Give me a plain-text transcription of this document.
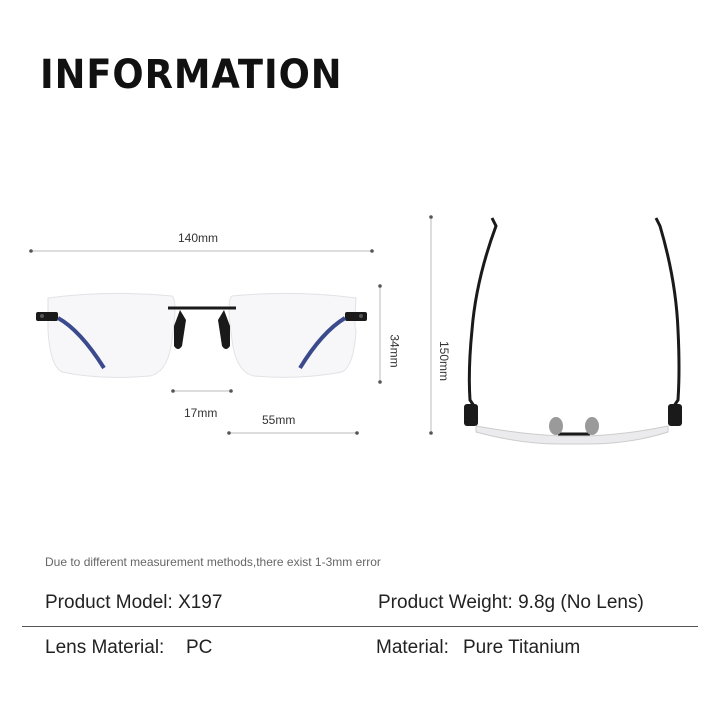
INFORMATION
140mm
34mm	150mm
17mm	55mm
Due to different measurement methods,there exist 1-3mm error
Product Model: X197	Product Weight: 9.8g (No Lens)
Lens Material: PC	Material: Pure Titanium
